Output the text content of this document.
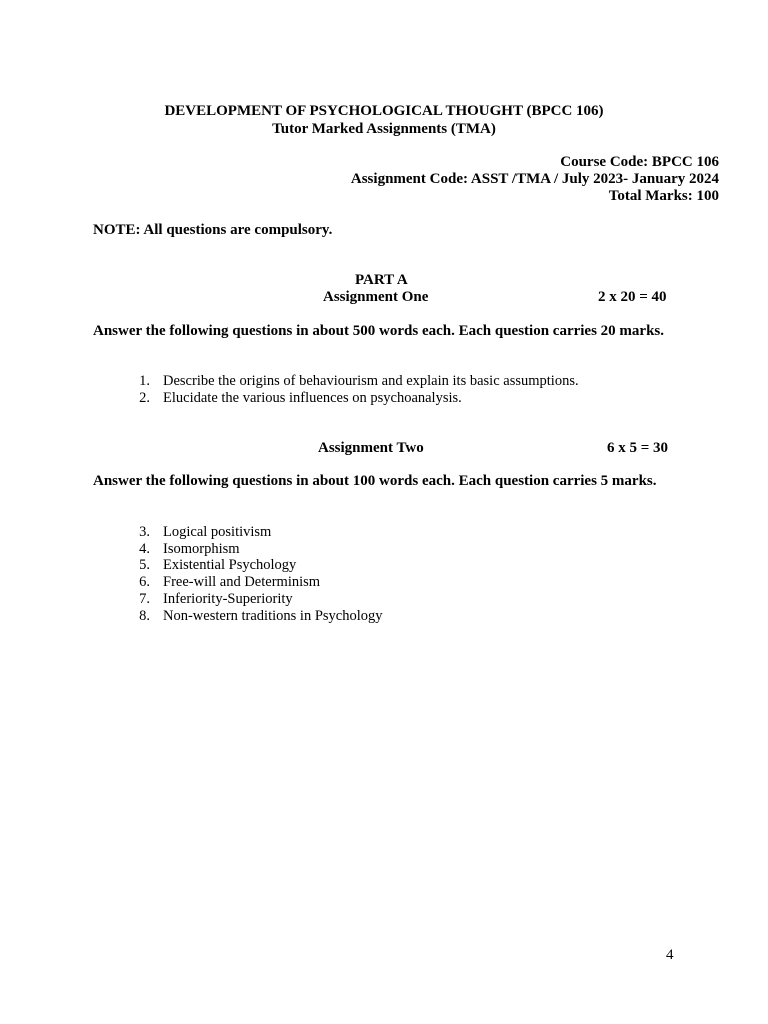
DEVELOPMENT OF PSYCHOLOGICAL THOUGHT (BPCC 106)
Tutor Marked Assignments (TMA)
Course Code: BPCC 106
Assignment Code: ASST /TMA / July 2023- January 2024
Total Marks: 100
NOTE: All questions are compulsory.
PART A
Assignment One	2 x 20 = 40
Answer the following questions in about 500 words each. Each question carries 20 marks.
1. Describe the origins of behaviourism and explain its basic assumptions.
2. Elucidate the various influences on psychoanalysis.
Assignment Two	6 x 5 = 30
Answer the following questions in about 100 words each. Each question carries 5 marks.
3. Logical positivism
4. Isomorphism
5. Existential Psychology
6. Free-will and Determinism
7. Inferiority-Superiority
8. Non-western traditions in Psychology
4
